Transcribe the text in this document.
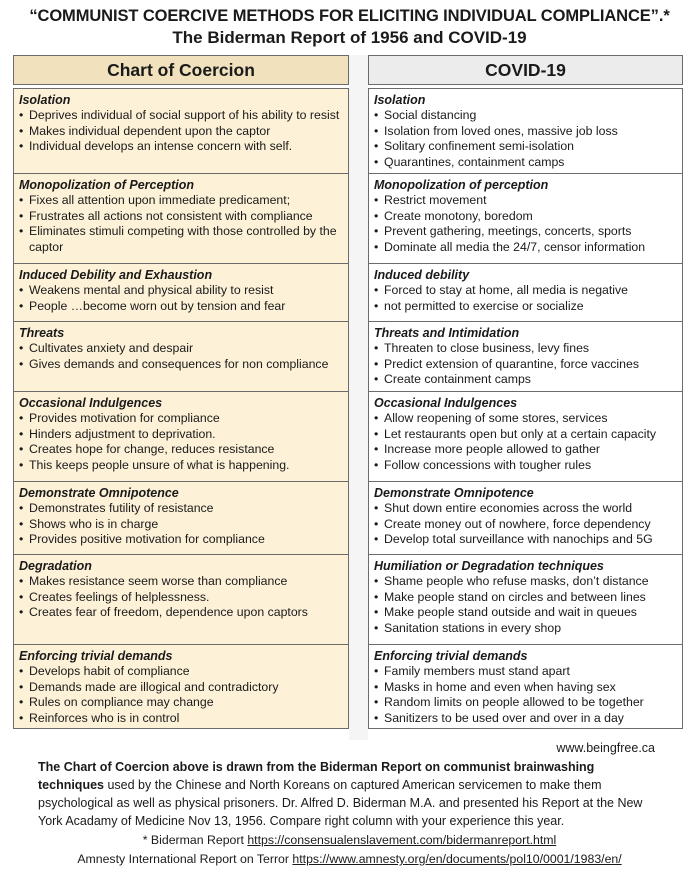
“COMMUNIST COERCIVE METHODS FOR ELICITING INDIVIDUAL COMPLIANCE”.*
The Biderman Report of 1956 and COVID-19
Chart of Coercion
Isolation
• Deprives individual of social support of his ability to resist
• Makes individual dependent upon the captor
• Individual develops an intense concern with self.
Monopolization of Perception
• Fixes all attention upon immediate predicament;
• Frustrates all actions not consistent with compliance
• Eliminates stimuli competing with those controlled by the captor
Induced Debility and Exhaustion
• Weakens mental and physical ability to resist
• People …become worn out by tension and fear
Threats
• Cultivates anxiety and despair
• Gives demands and consequences for non compliance
Occasional Indulgences
• Provides motivation for compliance
• Hinders adjustment to deprivation.
• Creates hope for change, reduces resistance
• This keeps people unsure of what is happening.
Demonstrate Omnipotence
• Demonstrates futility of resistance
• Shows who is in charge
• Provides positive motivation for compliance
Degradation
• Makes resistance seem worse than compliance
• Creates feelings of helplessness.
• Creates fear of freedom, dependence upon captors
Enforcing trivial demands
• Develops habit of compliance
• Demands made are illogical and contradictory
• Rules on compliance may change
• Reinforces who is in control
COVID-19
Isolation
• Social distancing
• Isolation from loved ones, massive job loss
• Solitary confinement semi-isolation
• Quarantines, containment camps
Monopolization of perception
• Restrict movement
• Create monotony, boredom
• Prevent gathering, meetings, concerts, sports
• Dominate all media the 24/7, censor information
Induced debility
• Forced to stay at home, all media is negative
• not permitted to exercise or socialize
Threats and Intimidation
• Threaten to close business, levy fines
• Predict extension of quarantine, force vaccines
• Create containment camps
Occasional Indulgences
• Allow reopening of some stores, services
• Let restaurants open but only at a certain capacity
• Increase more people allowed to gather
• Follow concessions with tougher rules
Demonstrate Omnipotence
• Shut down entire economies across the world
• Create money out of nowhere, force dependency
• Develop total surveillance with nanochips and 5G
Humiliation or Degradation techniques
• Shame people who refuse masks, don’t distance
• Make people stand on circles and between lines
• Make people stand outside and wait in queues
• Sanitation stations in every shop
Enforcing trivial demands
• Family members must stand apart
• Masks in home and even when having sex
• Random limits on people allowed to be together
• Sanitizers to be used over and over in a day
www.beingfree.ca
The Chart of Coercion above is drawn from the Biderman Report on communist brainwashing techniques used by the Chinese and North Koreans on captured American servicemen to make them psychological as well as physical prisoners. Dr. Alfred D. Biderman M.A. and presented his Report at the New York Acadamy of Medicine Nov 13, 1956. Compare right column with your experience this year.
* Biderman Report https://consensualenslavement.com/bidermanreport.html
Amnesty International Report on Terror https://www.amnesty.org/en/documents/pol10/0001/1983/en/
